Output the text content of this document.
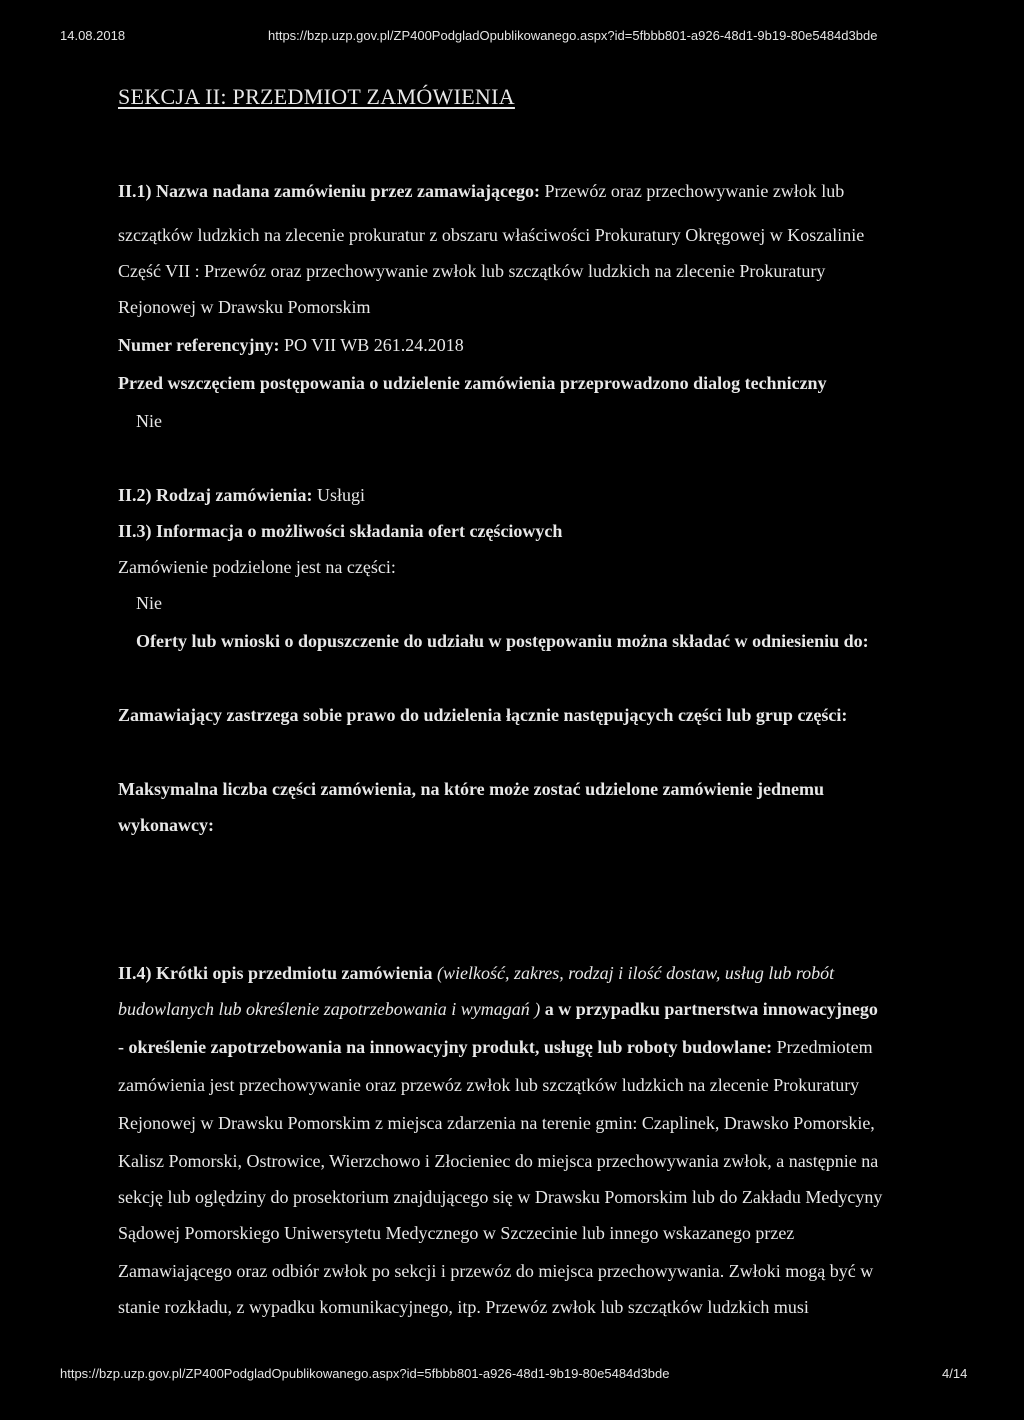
14.08.2018	https://bzp.uzp.gov.pl/ZP400PodgladOpublikowanego.aspx?id=5fbbb801-a926-48d1-9b19-80e5484d3bde
SEKCJA II: PRZEDMIOT ZAMÓWIENIA
II.1) Nazwa nadana zamówieniu przez zamawiającego: Przewóz oraz przechowywanie zwłok lub
szczątków ludzkich na zlecenie prokuratur z obszaru właściwości Prokuratury Okręgowej w Koszalinie
Część VII : Przewóz oraz przechowywanie zwłok lub szczątków ludzkich na zlecenie Prokuratury
Rejonowej w Drawsku Pomorskim
Numer referencyjny: PO VII WB 261.24.2018
Przed wszczęciem postępowania o udzielenie zamówienia przeprowadzono dialog techniczny
Nie
II.2) Rodzaj zamówienia: Usługi
II.3) Informacja o możliwości składania ofert częściowych
Zamówienie podzielone jest na części:
Nie
Oferty lub wnioski o dopuszczenie do udziału w postępowaniu można składać w odniesieniu do:
Zamawiający zastrzega sobie prawo do udzielenia łącznie następujących części lub grup części:
Maksymalna liczba części zamówienia, na które może zostać udzielone zamówienie jednemu
wykonawcy:
II.4) Krótki opis przedmiotu zamówienia (wielkość, zakres, rodzaj i ilość dostaw, usług lub robót
budowlanych lub określenie zapotrzebowania i wymagań ) a w przypadku partnerstwa innowacyjnego
- określenie zapotrzebowania na innowacyjny produkt, usługę lub roboty budowlane: Przedmiotem
zamówienia jest przechowywanie oraz przewóz zwłok lub szczątków ludzkich na zlecenie Prokuratury
Rejonowej w Drawsku Pomorskim z miejsca zdarzenia na terenie gmin: Czaplinek, Drawsko Pomorskie,
Kalisz Pomorski, Ostrowice, Wierzchowo i Złocieniec do miejsca przechowywania zwłok, a następnie na
sekcję lub oględziny do prosektorium znajdującego się w Drawsku Pomorskim lub do Zakładu Medycyny
Sądowej Pomorskiego Uniwersytetu Medycznego w Szczecinie lub innego wskazanego przez
Zamawiającego oraz odbiór zwłok po sekcji i przewóz do miejsca przechowywania. Zwłoki mogą być w
stanie rozkładu, z wypadku komunikacyjnego, itp. Przewóz zwłok lub szczątków ludzkich musi
https://bzp.uzp.gov.pl/ZP400PodgladOpublikowanego.aspx?id=5fbbb801-a926-48d1-9b19-80e5484d3bde	4/14
